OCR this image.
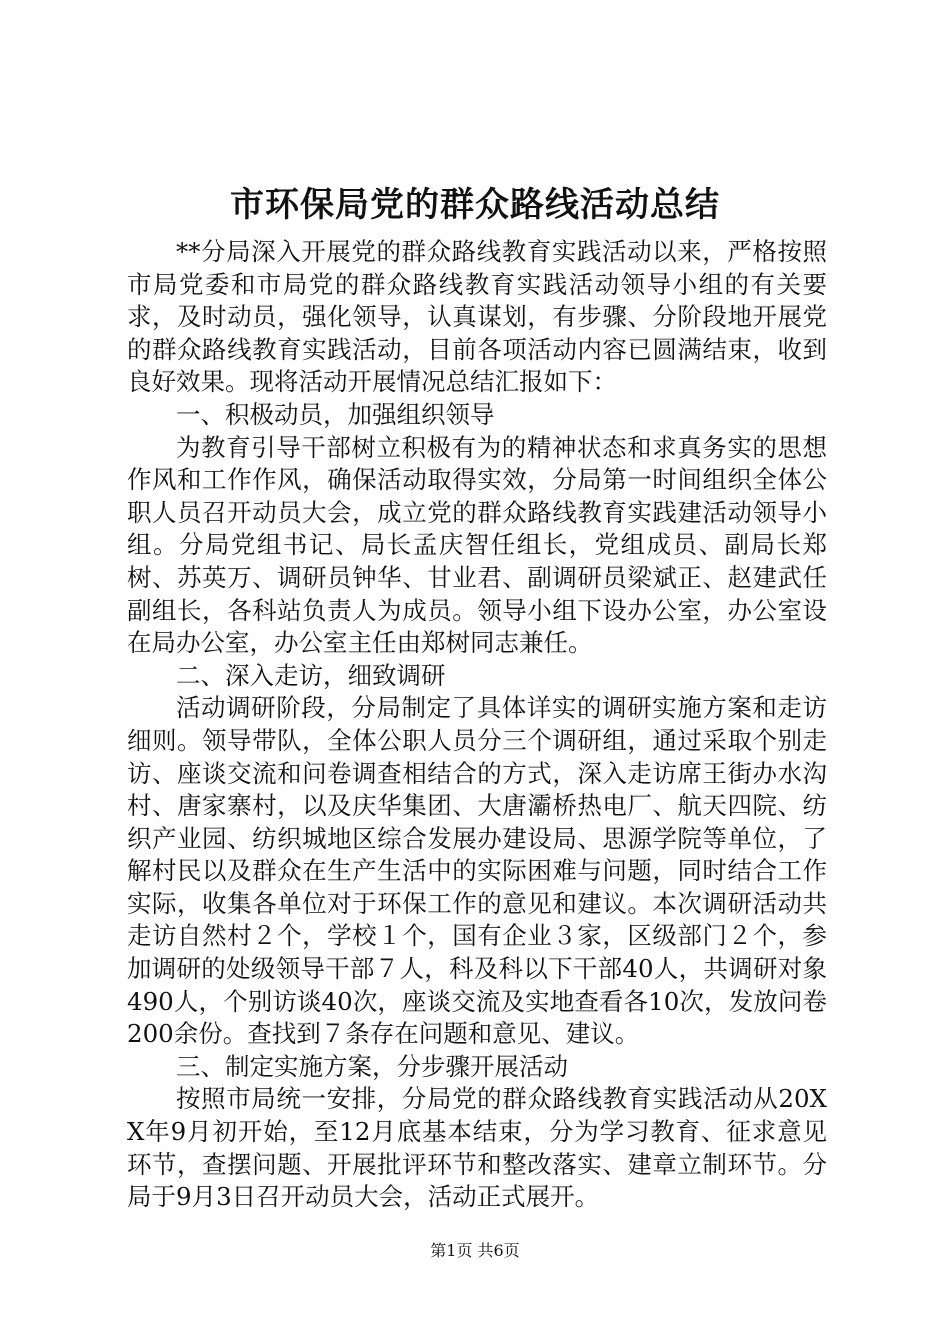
市环保局党的群众路线活动总结

**分局深入开展党的群众路线教育实践活动以来，严格按照市局党委和市局党的群众路线教育实践活动领导小组的有关要求，及时动员，强化领导，认真谋划，有步骤、分阶段地开展党的群众路线教育实践活动，目前各项活动内容已圆满结束，收到良好效果。现将活动开展情况总结汇报如下：

一、积极动员，加强组织领导

为教育引导干部树立积极有为的精神状态和求真务实的思想作风和工作作风，确保活动取得实效，分局第一时间组织全体公职人员召开动员大会，成立党的群众路线教育实践建活动领导小组。分局党组书记、局长孟庆智任组长，党组成员、副局长郑树、苏英万、调研员钟华、甘业君、副调研员梁斌正、赵建武任副组长，各科站负责人为成员。领导小组下设办公室，办公室设在局办公室，办公室主任由郑树同志兼任。

二、深入走访，细致调研

活动调研阶段，分局制定了具体详实的调研实施方案和走访细则。领导带队，全体公职人员分三个调研组，通过采取个别走访、座谈交流和问卷调查相结合的方式，深入走访席王街办水沟村、唐家寨村，以及庆华集团、大唐灞桥热电厂、航天四院、纺织产业园、纺织城地区综合发展办建设局、思源学院等单位，了解村民以及群众在生产生活中的实际困难与问题，同时结合工作实际，收集各单位对于环保工作的意见和建议。本次调研活动共走访自然村２个，学校１个，国有企业３家，区级部门２个，参加调研的处级领导干部７人，科及科以下干部40人，共调研对象490人，个别访谈40次，座谈交流及实地查看各10次，发放问卷200余份。查找到７条存在问题和意见、建议。

三、制定实施方案，分步骤开展活动

按照市局统一安排，分局党的群众路线教育实践活动从20XX年9月初开始，至12月底基本结束，分为学习教育、征求意见环节，查摆问题、开展批评环节和整改落实、建章立制环节。分局于9月3日召开动员大会，活动正式展开。

第1页 共6页
